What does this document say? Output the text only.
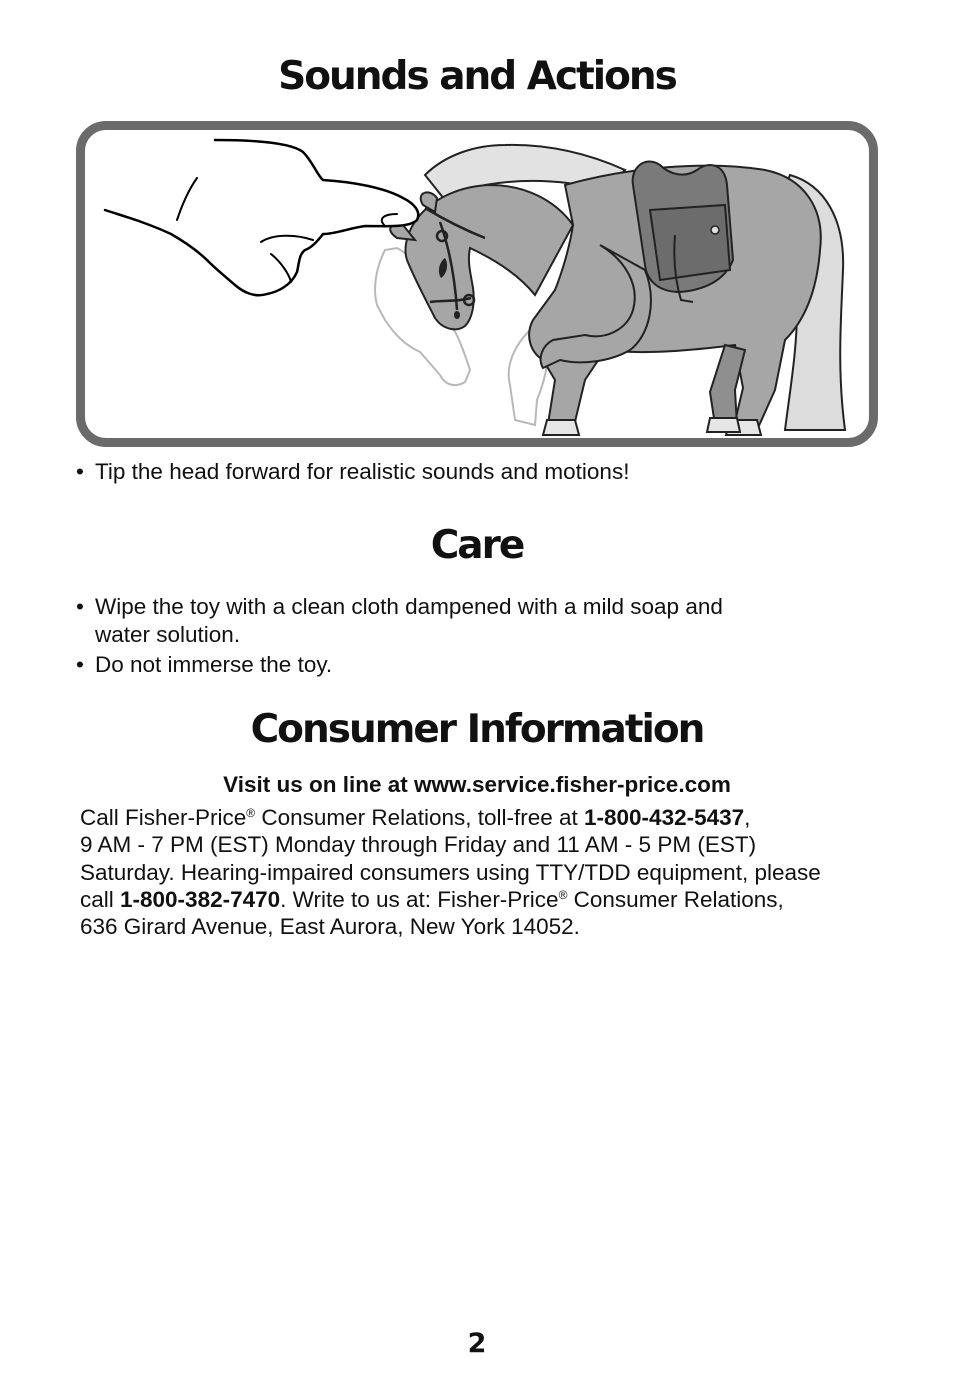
Sounds and Actions
• Tip the head forward for realistic sounds and motions!
Care
• Wipe the toy with a clean cloth dampened with a mild soap and
water solution.
• Do not immerse the toy.
Consumer Information
Visit us on line at www.service.fisher-price.com
Call Fisher-Price® Consumer Relations, toll-free at 1-800-432-5437,
9 AM - 7 PM (EST) Monday through Friday and 11 AM - 5 PM (EST)
Saturday. Hearing-impaired consumers using TTY/TDD equipment, please
call 1-800-382-7470. Write to us at: Fisher-Price® Consumer Relations,
636 Girard Avenue, East Aurora, New York 14052.
2
